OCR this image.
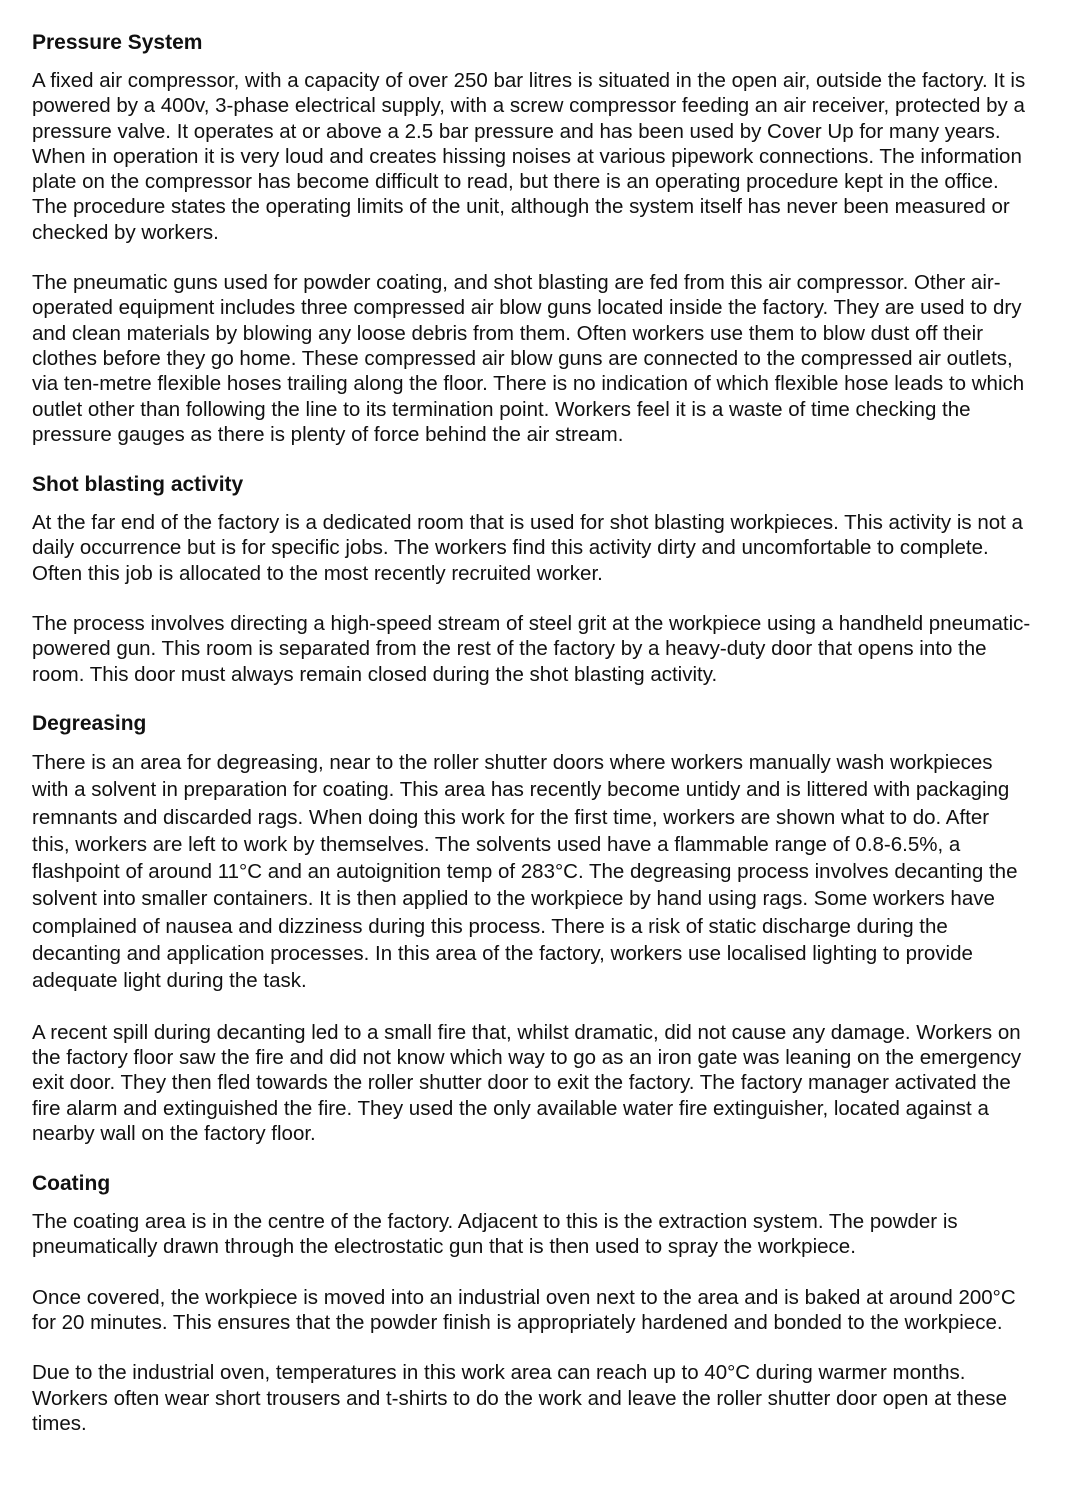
Pressure System

A fixed air compressor, with a capacity of over 250 bar litres is situated in the open air, outside the factory. It is powered by a 400v, 3-phase electrical supply, with a screw compressor feeding an air receiver, protected by a pressure valve. It operates at or above a 2.5 bar pressure and has been used by Cover Up for many years. When in operation it is very loud and creates hissing noises at various pipework connections. The information plate on the compressor has become difficult to read, but there is an operating procedure kept in the office. The procedure states the operating limits of the unit, although the system itself has never been measured or checked by workers.

The pneumatic guns used for powder coating, and shot blasting are fed from this air compressor. Other air-operated equipment includes three compressed air blow guns located inside the factory. They are used to dry and clean materials by blowing any loose debris from them. Often workers use them to blow dust off their clothes before they go home. These compressed air blow guns are connected to the compressed air outlets, via ten-metre flexible hoses trailing along the floor. There is no indication of which flexible hose leads to which outlet other than following the line to its termination point. Workers feel it is a waste of time checking the pressure gauges as there is plenty of force behind the air stream.

Shot blasting activity

At the far end of the factory is a dedicated room that is used for shot blasting workpieces. This activity is not a daily occurrence but is for specific jobs. The workers find this activity dirty and uncomfortable to complete. Often this job is allocated to the most recently recruited worker.

The process involves directing a high-speed stream of steel grit at the workpiece using a handheld pneumatic-powered gun. This room is separated from the rest of the factory by a heavy-duty door that opens into the room. This door must always remain closed during the shot blasting activity.

Degreasing

There is an area for degreasing, near to the roller shutter doors where workers manually wash workpieces with a solvent in preparation for coating. This area has recently become untidy and is littered with packaging remnants and discarded rags. When doing this work for the first time, workers are shown what to do. After this, workers are left to work by themselves. The solvents used have a flammable range of 0.8-6.5%, a flashpoint of around 11°C and an autoignition temp of 283°C. The degreasing process involves decanting the solvent into smaller containers. It is then applied to the workpiece by hand using rags. Some workers have complained of nausea and dizziness during this process. There is a risk of static discharge during the decanting and application processes. In this area of the factory, workers use localised lighting to provide adequate light during the task.

A recent spill during decanting led to a small fire that, whilst dramatic, did not cause any damage. Workers on the factory floor saw the fire and did not know which way to go as an iron gate was leaning on the emergency exit door. They then fled towards the roller shutter door to exit the factory. The factory manager activated the fire alarm and extinguished the fire. They used the only available water fire extinguisher, located against a nearby wall on the factory floor.

Coating

The coating area is in the centre of the factory. Adjacent to this is the extraction system. The powder is pneumatically drawn through the electrostatic gun that is then used to spray the workpiece.

Once covered, the workpiece is moved into an industrial oven next to the area and is baked at around 200°C for 20 minutes. This ensures that the powder finish is appropriately hardened and bonded to the workpiece.

Due to the industrial oven, temperatures in this work area can reach up to 40°C during warmer months. Workers often wear short trousers and t-shirts to do the work and leave the roller shutter door open at these times.
